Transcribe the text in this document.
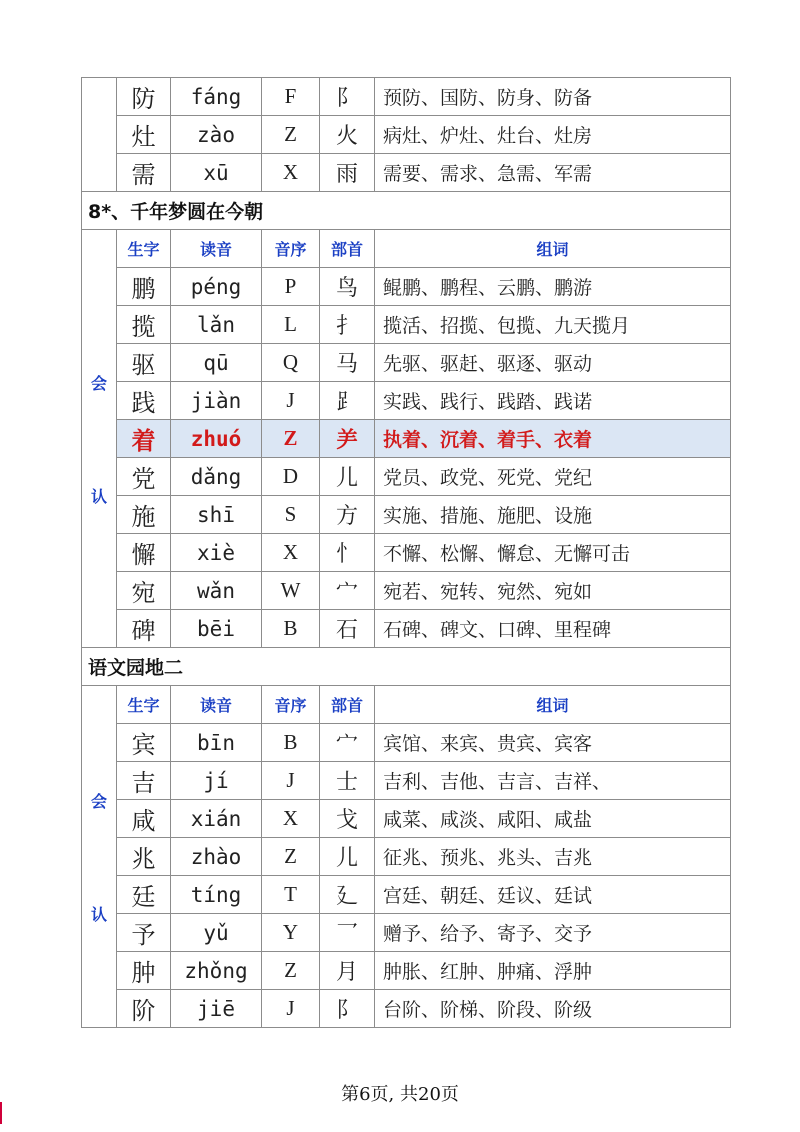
	防	fáng	F	阝	预防、国防、防身、防备
	灶	zào	Z	火	病灶、炉灶、灶台、灶房
	需	xū	X	雨	需要、需求、急需、军需
8*、千年梦圆在今朝					

会
认	生字	读音	音序	部首	组词
	鹏	péng	P	鸟	鲲鹏、鹏程、云鹏、鹏游
	揽	lǎn	L	扌	揽活、招揽、包揽、九天揽月
	驱	qū	Q	马	先驱、驱赶、驱逐、驱动
	践	jiàn	J	⻊	实践、践行、践踏、践诺
	着	zhuó	Z	⺶	执着、沉着、着手、衣着
	党	dǎng	D	儿	党员、政党、死党、党纪
	施	shī	S	方	实施、措施、施肥、设施
	懈	xiè	X	忄	不懈、松懈、懈怠、无懈可击
	宛	wǎn	W	宀	宛若、宛转、宛然、宛如
	碑	bēi	B	石	石碑、碑文、口碑、里程碑
语文园地二					

会
认	生字	读音	音序	部首	组词
	宾	bīn	B	宀	宾馆、来宾、贵宾、宾客
	吉	jí	J	士	吉利、吉他、吉言、吉祥、
	咸	xián	X	戈	咸菜、咸淡、咸阳、咸盐
	兆	zhào	Z	儿	征兆、预兆、兆头、吉兆
	廷	tíng	T	廴	宫廷、朝廷、廷议、廷试
	予	yǔ	Y	乛	赠予、给予、寄予、交予
	肿	zhǒng	Z	月	肿胀、红肿、肿痛、浮肿
	阶	jiē	J	阝	台阶、阶梯、阶段、阶级
第6页, 共20页
